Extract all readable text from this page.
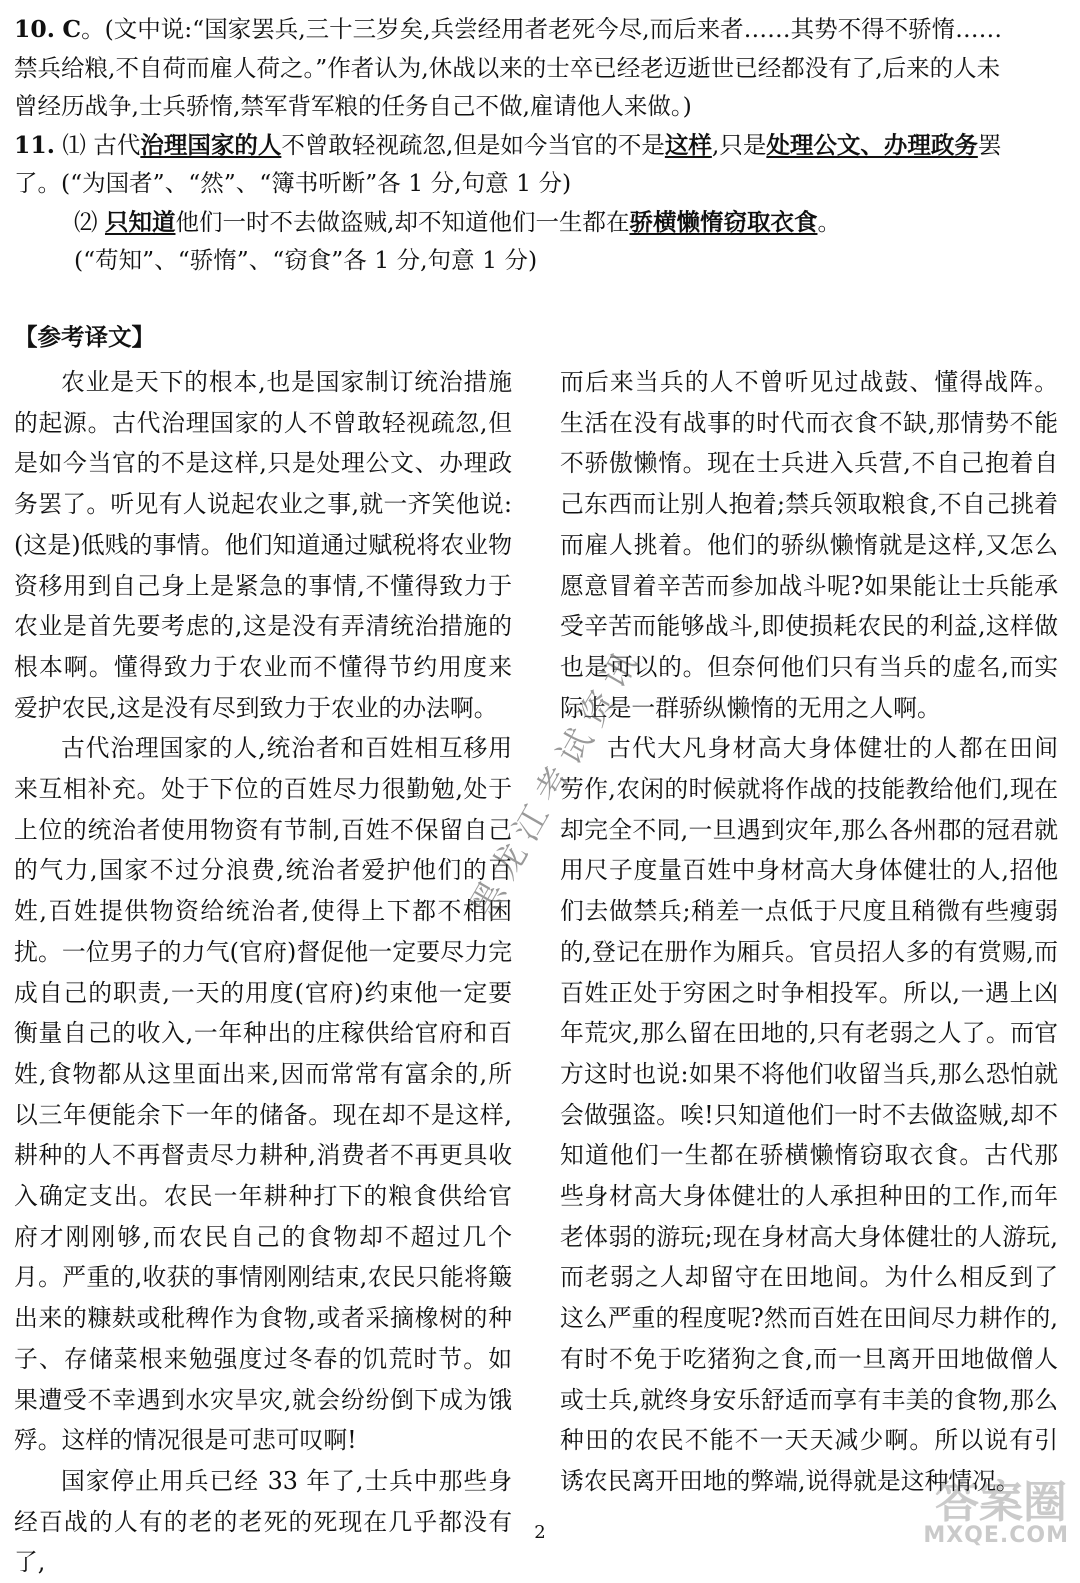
10. C。(文中说:“国家罢兵,三十三岁矣,兵尝经用者老死今尽,而后来者……其势不得不骄惰……
禁兵给粮,不自荷而雇人荷之。”作者认为,休战以来的士卒已经老迈逝世已经都没有了,后来的人未
曾经历战争,士兵骄惰,禁军背军粮的任务自己不做,雇请他人来做。)
11. ⑴ 古代治理国家的人不曾敢轻视疏忽,但是如今当官的不是这样,只是处理公文、办理政务罢
了。(“为国者”、“然”、“簿书听断”各 1 分,句意 1 分)
⑵ 只知道他们一时不去做盗贼,却不知道他们一生都在骄横懒惰窃取衣食。
(“苟知”、“骄惰”、“窃食”各 1 分,句意 1 分)
【参考译文】

农业是天下的根本,也是国家制订统治措施的起源。古代治理国家的人不曾敢轻视疏忽,但是如今当官的不是这样,只是处理公文、办理政务罢了。听见有人说起农业之事,就一齐笑他说:(这是)低贱的事情。他们知道通过赋税将农业物资移用到自己身上是紧急的事情,不懂得致力于农业是首先要考虑的,这是没有弄清统治措施的根本啊。懂得致力于农业而不懂得节约用度来爱护农民,这是没有尽到致力于农业的办法啊。

古代治理国家的人,统治者和百姓相互移用来互相补充。处于下位的百姓尽力很勤勉,处于上位的统治者使用物资有节制,百姓不保留自己的气力,国家不过分浪费,统治者爱护他们的百姓,百姓提供物资给统治者,使得上下都不相困扰。一位男子的力气(官府)督促他一定要尽力完成自己的职责,一天的用度(官府)约束他一定要衡量自己的收入,一年种出的庄稼供给官府和百姓,食物都从这里面出来,因而常常有富余的,所以三年便能余下一年的储备。现在却不是这样,耕种的人不再督责尽力耕种,消费者不再更具收入确定支出。农民一年耕种打下的粮食供给官府才刚刚够,而农民自己的食物却不超过几个月。严重的,收获的事情刚刚结束,农民只能将簸出来的糠麸或秕稗作为食物,或者采摘橡树的种子、存储菜根来勉强度过冬春的饥荒时节。如果遭受不幸遇到水灾旱灾,就会纷纷倒下成为饿殍。这样的情况很是可悲可叹啊!

国家停止用兵已经 33 年了,士兵中那些身经百战的人有的老的老死的死现在几乎都没有了,

而后来当兵的人不曾听见过战鼓、懂得战阵。生活在没有战事的时代而衣食不缺,那情势不能不骄傲懒惰。现在士兵进入兵营,不自己抱着自己东西而让别人抱着;禁兵领取粮食,不自己挑着而雇人挑着。他们的骄纵懒惰就是这样,又怎么愿意冒着辛苦而参加战斗呢?如果能让士兵能承受辛苦而能够战斗,即使损耗农民的利益,这样做也是可以的。但奈何他们只有当兵的虚名,而实际上是一群骄纵懒惰的无用之人啊。

古代大凡身材高大身体健壮的人都在田间劳作,农闲的时候就将作战的技能教给他们,现在却完全不同,一旦遇到灾年,那么各州郡的冠君就用尺子度量百姓中身材高大身体健壮的人,招他们去做禁兵;稍差一点低于尺度且稍微有些瘦弱的,登记在册作为厢兵。官员招人多的有赏赐,而百姓正处于穷困之时争相投军。所以,一遇上凶年荒灾,那么留在田地的,只有老弱之人了。而官方这时也说:如果不将他们收留当兵,那么恐怕就会做强盗。唉!只知道他们一时不去做盗贼,却不知道他们一生都在骄横懒惰窃取衣食。古代那些身材高大身体健壮的人承担种田的工作,而年老体弱的游玩;现在身材高大身体健壮的人游玩,而老弱之人却留守在田地间。为什么相反到了这么严重的程度呢?然而百姓在田间尽力耕作的,有时不免于吃猪狗之食,而一旦离开田地做僧人或士兵,就终身安乐舒适而享有丰美的食物,那么种田的农民不能不一天天减少啊。所以说有引诱农民离开田地的弊端,说得就是这种情况。

黑龙江考试资讯
2
答案圈
MXQE.COM
